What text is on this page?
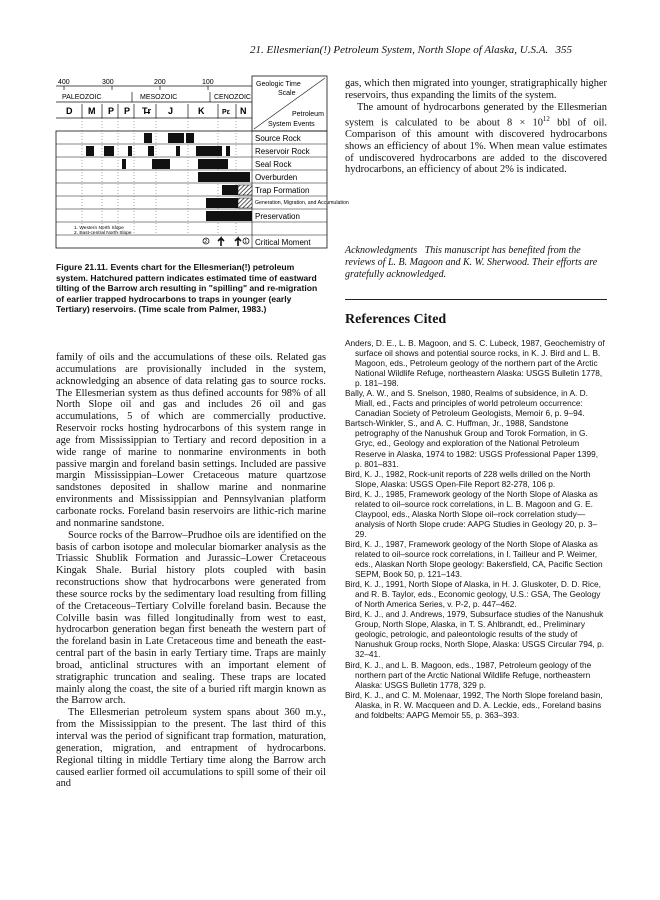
21. Ellesmerian(!) Petroleum System, North Slope of Alaska, U.S.A. 355
400	300	200	100
PALEOZOIC	MESOZOIC	CENOZOIC
D M P P T̶r J	K	Pε N
Geologic Time
Scale
Petroleum
System Events
Source Rock
Reservoir Rock
Seal Rock
Overburden
Trap Formation
Generation, Migration, and Accumulation
Preservation
Critical Moment
1. Western North Slope
2. East-central North Slope
2	1
Figure 21.11. Events chart for the Ellesmerian(!) petroleum system. Hatchured pattern indicates estimated time of eastward tilting of the Barrow arch resulting in "spilling" and re-migration of earlier trapped hydrocarbons to traps in younger (early Tertiary) reservoirs. (Time scale from Palmer, 1983.)

family of oils and the accumulations of these oils. Related gas accumulations are provisionally included in the system, acknowledging an absence of data relating gas to source rocks. The Ellesmerian system as thus defined accounts for 98% of all North Slope oil and gas and includes 26 oil and gas accumulations, 5 of which are commercially productive. Reservoir rocks hosting hydrocarbons of this system range in age from Mississippian to Tertiary and record deposition in a wide range of marine to nonmarine environments in both passive margin and foreland basin settings. Included are passive margin Mississippian–Lower Cretaceous mature quartzose sandstones deposited in shallow marine and nonmarine environments and Mississippian and Pennsylvanian platform carbonate rocks. Foreland basin reservoirs are lithic-rich marine and nonmarine sandstone.

Source rocks of the Barrow–Prudhoe oils are identified on the basis of carbon isotope and molecular biomarker analysis as the Triassic Shublik Formation and Jurassic–Lower Cretaceous Kingak Shale. Burial history plots coupled with basin reconstructions show that hydrocarbons were generated from these source rocks by the sedimentary load resulting from filling of the Cretaceous–Tertiary Colville foreland basin. Because the Colville basin was filled longitudinally from west to east, hydrocarbon generation began first beneath the western part of the foreland basin in Late Cretaceous time and beneath the east-central part of the basin in early Tertiary time. Traps are mainly broad, anticlinal structures with an important element of stratigraphic truncation and sealing. These traps are located mainly along the coast, the site of a buried rift margin known as the Barrow arch.

The Ellesmerian petroleum system spans about 360 m.y., from the Mississippian to the present. The last third of this interval was the period of significant trap formation, maturation, generation, migration, and entrapment of hydrocarbons. Regional tilting in middle Tertiary time along the Barrow arch caused earlier formed oil accumulations to spill some of their oil and

gas, which then migrated into younger, stratigraphically higher reservoirs, thus expanding the limits of the system.

The amount of hydrocarbons generated by the Ellesmerian system is calculated to be about $8 \times 10^{12}$ bbl of oil. Comparison of this amount with discovered hydrocarbons shows an efficiency of about 1%. When mean value estimates of undiscovered hydrocarbons are added to the discovered hydrocarbons, an efficiency of about 2% is indicated.

Acknowledgments This manuscript has benefited from the reviews of L. B. Magoon and K. W. Sherwood. Their efforts are gratefully acknowledged.
References Cited

Anders, D. E., L. B. Magoon, and S. C. Lubeck, 1987, Geochemistry of surface oil shows and potential source rocks, in K. J. Bird and L. B. Magoon, eds., Petroleum geology of the northern part of the Arctic National Wildlife Refuge, northeastern Alaska: USGS Bulletin 1778, p. 181–198.

Bally, A. W., and S. Snelson, 1980, Realms of subsidence, in A. D. Miall, ed., Facts and principles of world petroleum occurrence: Canadian Society of Petroleum Geologists, Memoir 6, p. 9–94.

Bartsch-Winkler, S., and A. C. Huffman, Jr., 1988, Sandstone petrography of the Nanushuk Group and Torok Formation, in G. Gryc, ed., Geology and exploration of the National Petroleum Reserve in Alaska, 1974 to 1982: USGS Professional Paper 1399, p. 801–831.

Bird, K. J., 1982, Rock-unit reports of 228 wells drilled on the North Slope, Alaska: USGS Open-File Report 82-278, 106 p.

Bird, K. J., 1985, Framework geology of the North Slope of Alaska as related to oil–source rock correlations, in L. B. Magoon and G. E. Claypool, eds., Alaska North Slope oil–rock correlation study—analysis of North Slope crude: AAPG Studies in Geology 20, p. 3–29.

Bird, K. J., 1987, Framework geology of the North Slope of Alaska as related to oil–source rock correlations, in I. Tailleur and P. Weimer, eds., Alaskan North Slope geology: Bakersfield, CA, Pacific Section SEPM, Book 50, p. 121–143.

Bird, K. J., 1991, North Slope of Alaska, in H. J. Gluskoter, D. D. Rice, and R. B. Taylor, eds., Economic geology, U.S.: GSA, The Geology of North America Series, v. P-2, p. 447–462.

Bird, K. J., and J. Andrews, 1979, Subsurface studies of the Nanushuk Group, North Slope, Alaska, in T. S. Ahlbrandt, ed., Preliminary geologic, petrologic, and paleontologic results of the study of Nanushuk Group rocks, North Slope, Alaska: USGS Circular 794, p. 32–41.

Bird, K. J., and L. B. Magoon, eds., 1987, Petroleum geology of the northern part of the Arctic National Wildlife Refuge, northeastern Alaska: USGS Bulletin 1778, 329 p.

Bird, K. J., and C. M. Molenaar, 1992, The North Slope foreland basin, Alaska, in R. W. Macqueen and D. A. Leckie, eds., Foreland basins and foldbelts: AAPG Memoir 55, p. 363–393.
